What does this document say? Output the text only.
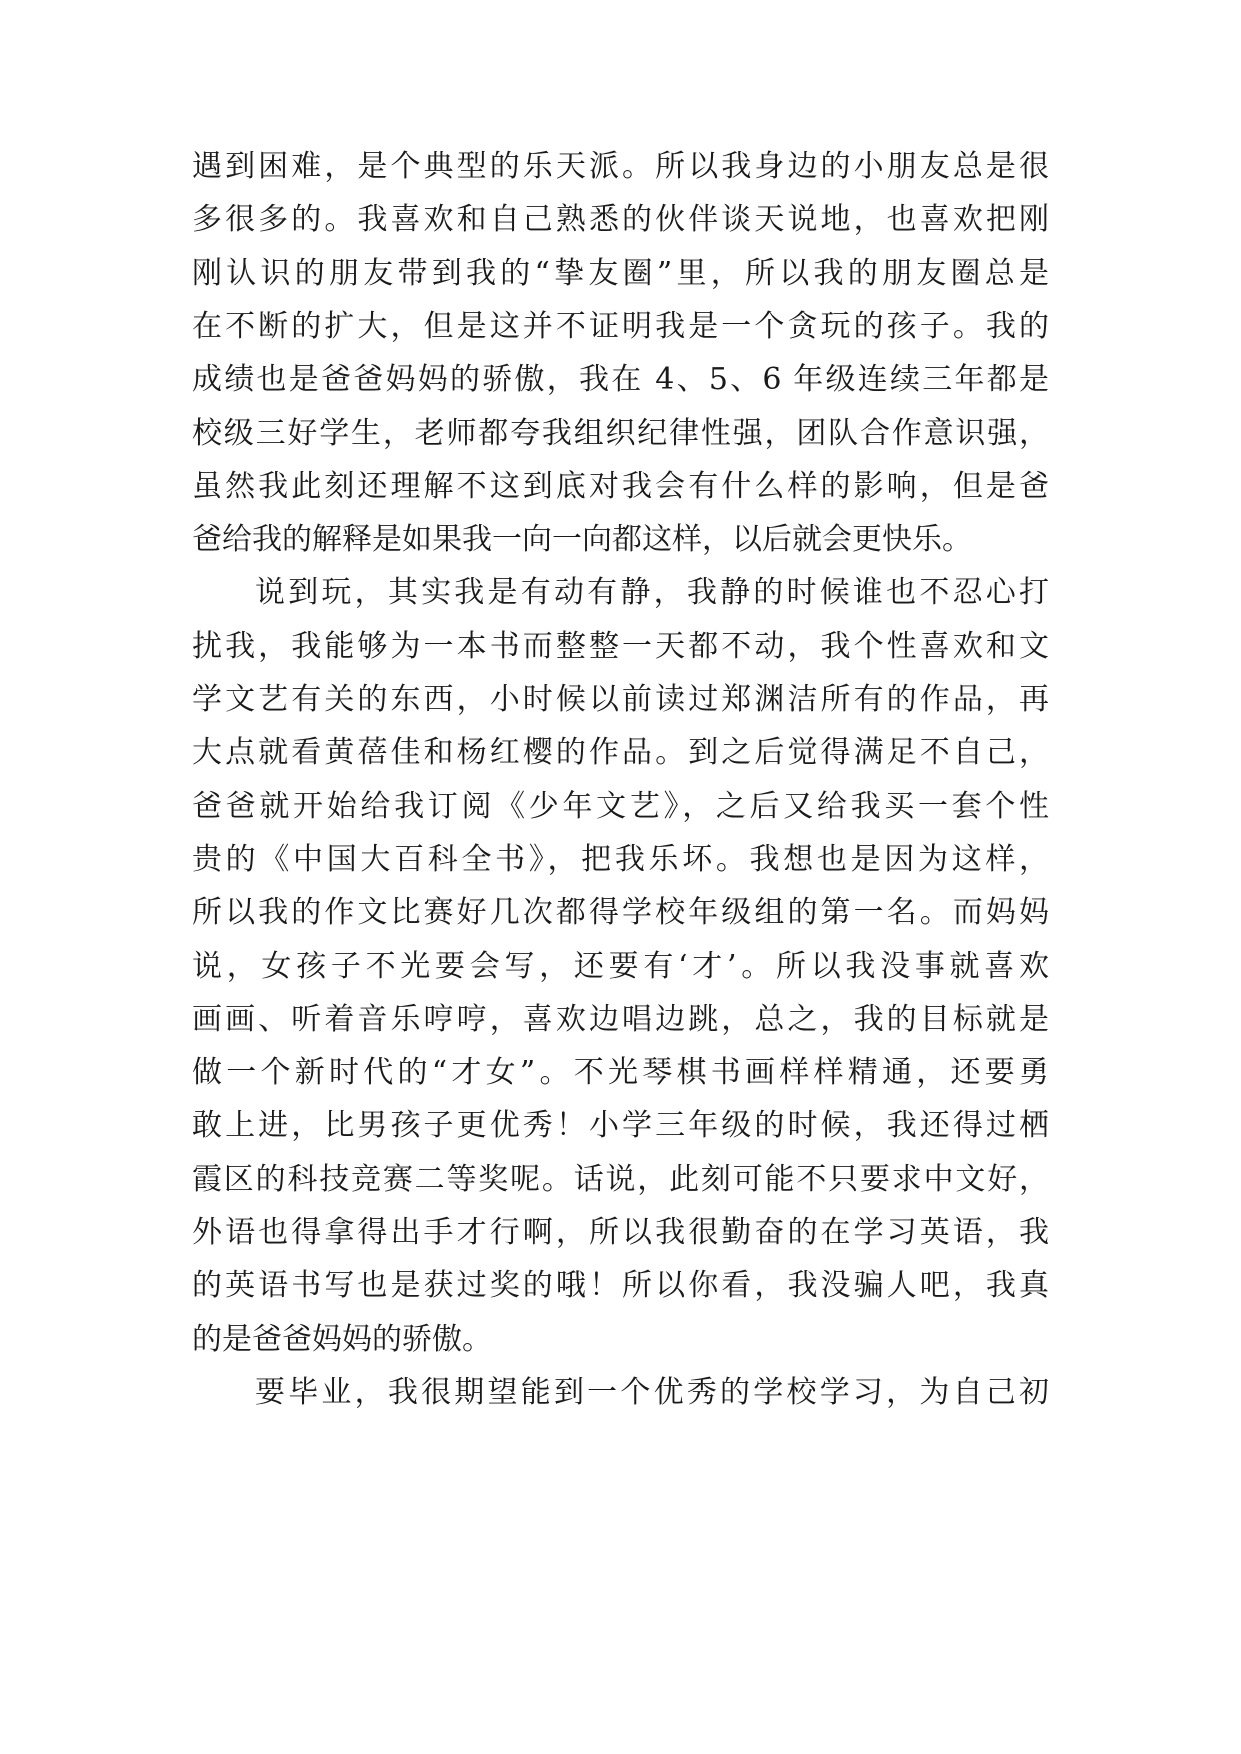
遇到困难，是个典型的乐天派。所以我身边的小朋友总是很
多很多的。我喜欢和自己熟悉的伙伴谈天说地，也喜欢把刚
刚认识的朋友带到我的“挚友圈”里，所以我的朋友圈总是
在不断的扩大，但是这并不证明我是一个贪玩的孩子。我的
成绩也是爸爸妈妈的骄傲，我在 4、5、6 年级连续三年都是
校级三好学生，老师都夸我组织纪律性强，团队合作意识强，
虽然我此刻还理解不这到底对我会有什么样的影响，但是爸
爸给我的解释是如果我一向一向都这样，以后就会更快乐。
说到玩，其实我是有动有静，我静的时候谁也不忍心打
扰我，我能够为一本书而整整一天都不动，我个性喜欢和文
学文艺有关的东西，小时候以前读过郑渊洁所有的作品，再
大点就看黄蓓佳和杨红樱的作品。到之后觉得满足不自己，
爸爸就开始给我订阅《少年文艺》，之后又给我买一套个性
贵的《中国大百科全书》，把我乐坏。我想也是因为这样，
所以我的作文比赛好几次都得学校年级组的第一名。而妈妈
说，女孩子不光要会写，还要有‘才’。所以我没事就喜欢
画画、听着音乐哼哼，喜欢边唱边跳，总之，我的目标就是
做一个新时代的“才女”。不光琴棋书画样样精通，还要勇
敢上进，比男孩子更优秀！小学三年级的时候，我还得过栖
霞区的科技竞赛二等奖呢。话说，此刻可能不只要求中文好，
外语也得拿得出手才行啊，所以我很勤奋的在学习英语，我
的英语书写也是获过奖的哦！所以你看，我没骗人吧，我真
的是爸爸妈妈的骄傲。
要毕业，我很期望能到一个优秀的学校学习，为自己初
